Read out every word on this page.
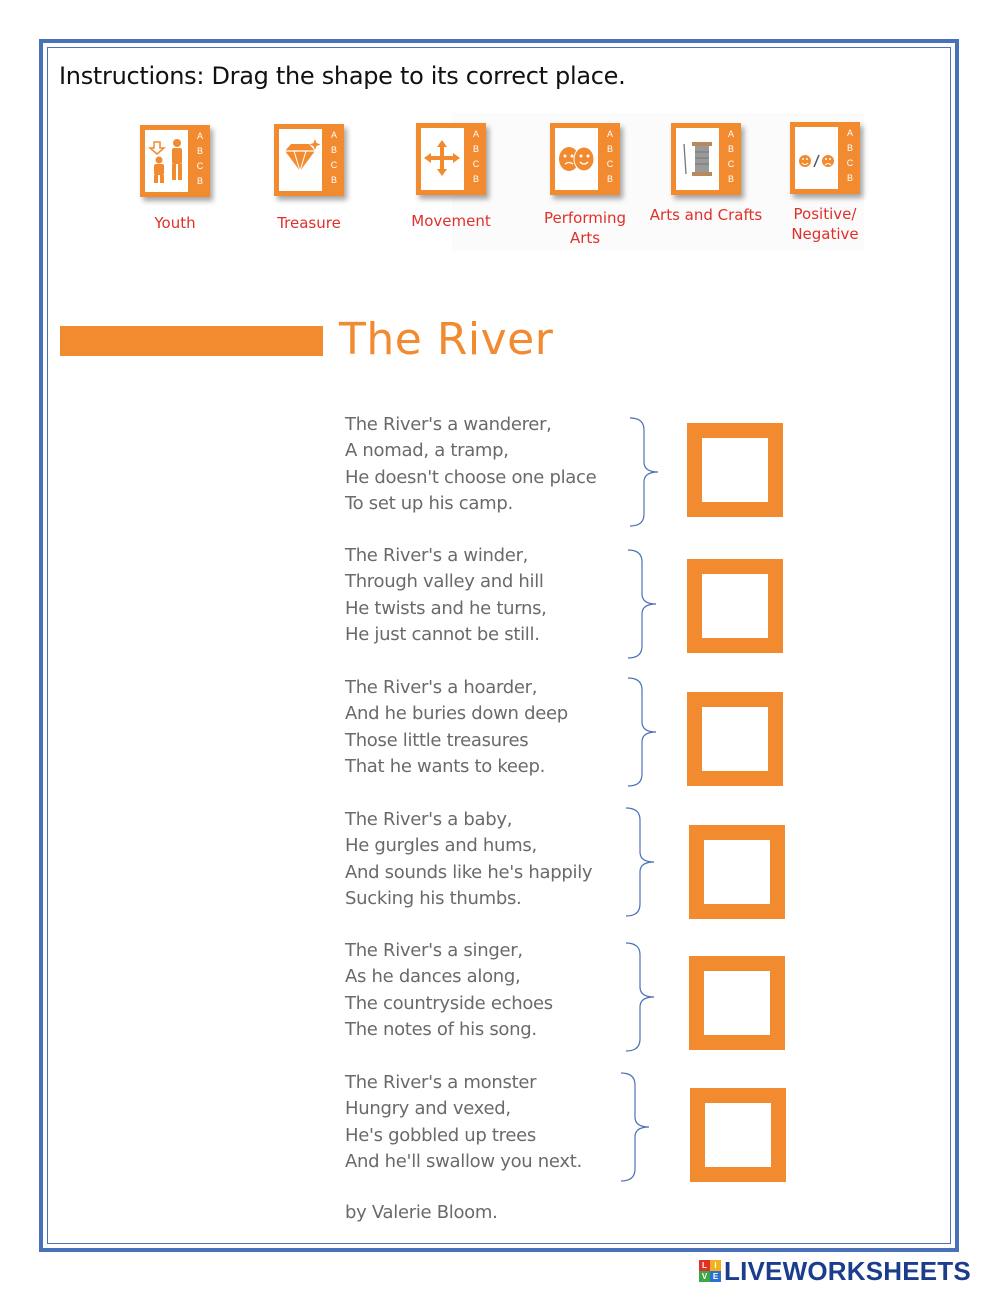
Instructions: Drag the shape to its correct place.
A
B
C
B
Youth
A
B
C
B
Treasure
A
B
C
B
Movement
A
B
C
B
Performing Arts
A
B
C
B
Arts and Crafts
A
B
C
B
Positive/ Negative
The River
The River's a wanderer,
A nomad, a tramp,
He doesn't choose one place
To set up his camp.
The River's a winder,
Through valley and hill
He twists and he turns,
He just cannot be still.
The River's a hoarder,
And he buries down deep
Those little treasures
That he wants to keep.
The River's a baby,
He gurgles and hums,
And sounds like he's happily
Sucking his thumbs.
The River's a singer,
As he dances along,
The countryside echoes
The notes of his song.
The River's a monster
Hungry and vexed,
He's gobbled up trees
And he'll swallow you next.
by Valerie Bloom.
L I
V E LIVEWORKSHEETS
